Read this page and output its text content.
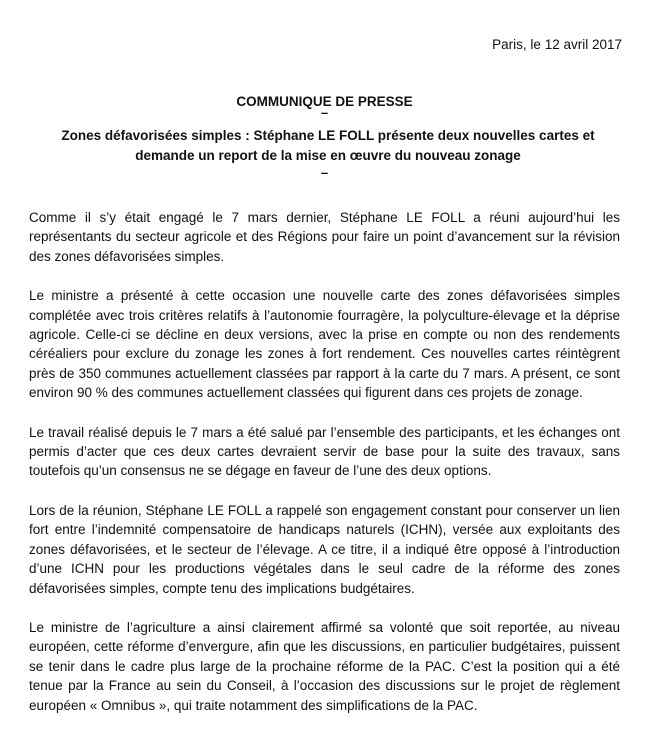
Paris, le 12 avril 2017
COMMUNIQUE DE PRESSE
–
Zones défavorisées simples : Stéphane LE FOLL présente deux nouvelles cartes et demande un report de la mise en œuvre du nouveau zonage
–

Comme il s’y était engagé le 7 mars dernier, Stéphane LE FOLL a réuni aujourd’hui les représentants du secteur agricole et des Régions pour faire un point d’avancement sur la révision des zones défavorisées simples.

Le ministre a présenté à cette occasion une nouvelle carte des zones défavorisées simples complétée avec trois critères relatifs à l’autonomie fourragère, la polyculture-élevage et la déprise agricole. Celle-ci se décline en deux versions, avec la prise en compte ou non des rendements céréaliers pour exclure du zonage les zones à fort rendement. Ces nouvelles cartes réintègrent près de 350 communes actuellement classées par rapport à la carte du 7 mars. A présent, ce sont environ 90 % des communes actuellement classées qui figurent dans ces projets de zonage.

Le travail réalisé depuis le 7 mars a été salué par l’ensemble des participants, et les échanges ont permis d’acter que ces deux cartes devraient servir de base pour la suite des travaux, sans toutefois qu’un consensus ne se dégage en faveur de l’une des deux options.

Lors de la réunion, Stéphane LE FOLL a rappelé son engagement constant pour conserver un lien fort entre l’indemnité compensatoire de handicaps naturels (ICHN), versée aux exploitants des zones défavorisées, et le secteur de l’élevage. A ce titre, il a indiqué être opposé à l’introduction d’une ICHN pour les productions végétales dans le seul cadre de la réforme des zones défavorisées simples, compte tenu des implications budgétaires.

Le ministre de l’agriculture a ainsi clairement affirmé sa volonté que soit reportée, au niveau européen, cette réforme d’envergure, afin que les discussions, en particulier budgétaires, puissent se tenir dans le cadre plus large de la prochaine réforme de la PAC. C’est la position qui a été tenue par la France au sein du Conseil, à l’occasion des discussions sur le projet de règlement européen « Omnibus », qui traite notamment des simplifications de la PAC.
